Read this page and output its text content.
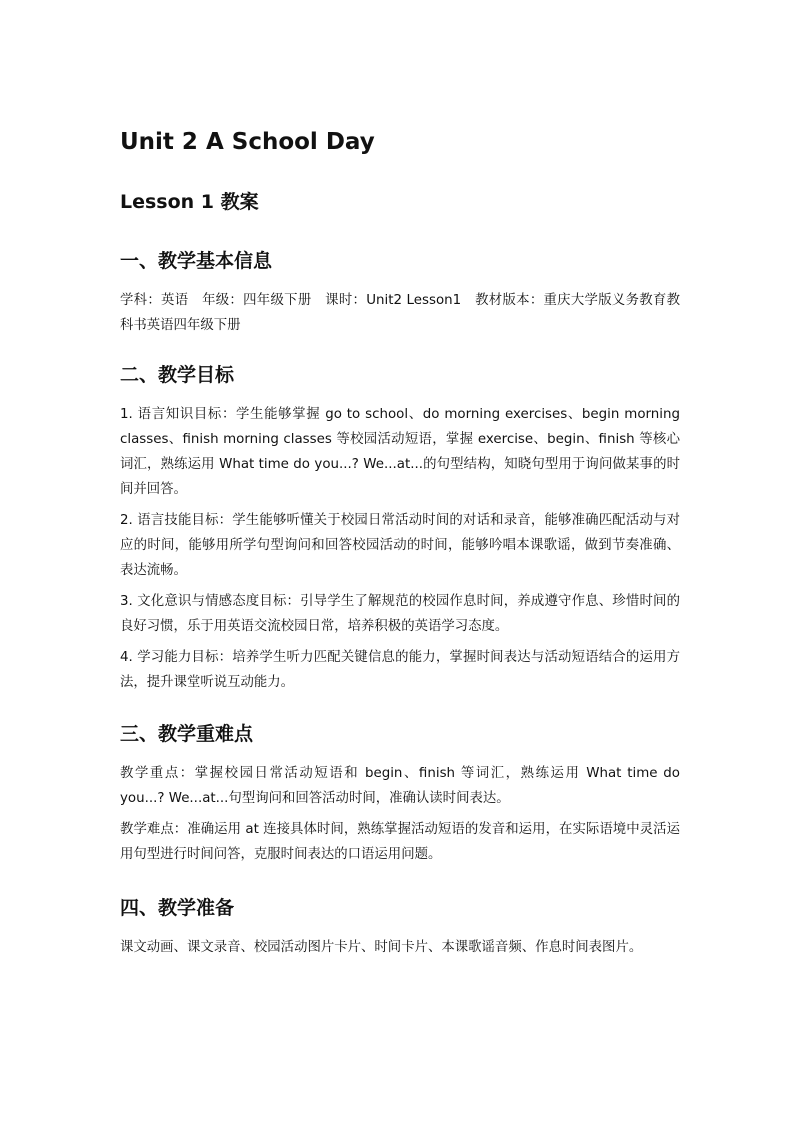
Unit 2 A School Day
Lesson 1 教案
一、教学基本信息

学科：英语　年级：四年级下册　课时：Unit2 Lesson1　教材版本：重庆大学版义务教育教科书英语四年级下册

二、教学目标

1. 语言知识目标：学生能够掌握 go to school、do morning exercises、begin morning classes、finish morning classes 等校园活动短语，掌握 exercise、begin、finish 等核心词汇，熟练运用 What time do you...? We...at...的句型结构，知晓句型用于询问做某事的时间并回答。

2. 语言技能目标：学生能够听懂关于校园日常活动时间的对话和录音，能够准确匹配活动与对应的时间，能够用所学句型询问和回答校园活动的时间，能够吟唱本课歌谣，做到节奏准确、表达流畅。

3. 文化意识与情感态度目标：引导学生了解规范的校园作息时间，养成遵守作息、珍惜时间的良好习惯，乐于用英语交流校园日常，培养积极的英语学习态度。

4. 学习能力目标：培养学生听力匹配关键信息的能力，掌握时间表达与活动短语结合的运用方法，提升课堂听说互动能力。

三、教学重难点

教学重点：掌握校园日常活动短语和 begin、finish 等词汇，熟练运用 What time do you...? We...at...句型询问和回答活动时间，准确认读时间表达。

教学难点：准确运用 at 连接具体时间，熟练掌握活动短语的发音和运用，在实际语境中灵活运用句型进行时间问答，克服时间表达的口语运用问题。

四、教学准备

课文动画、课文录音、校园活动图片卡片、时间卡片、本课歌谣音频、作息时间表图片。
